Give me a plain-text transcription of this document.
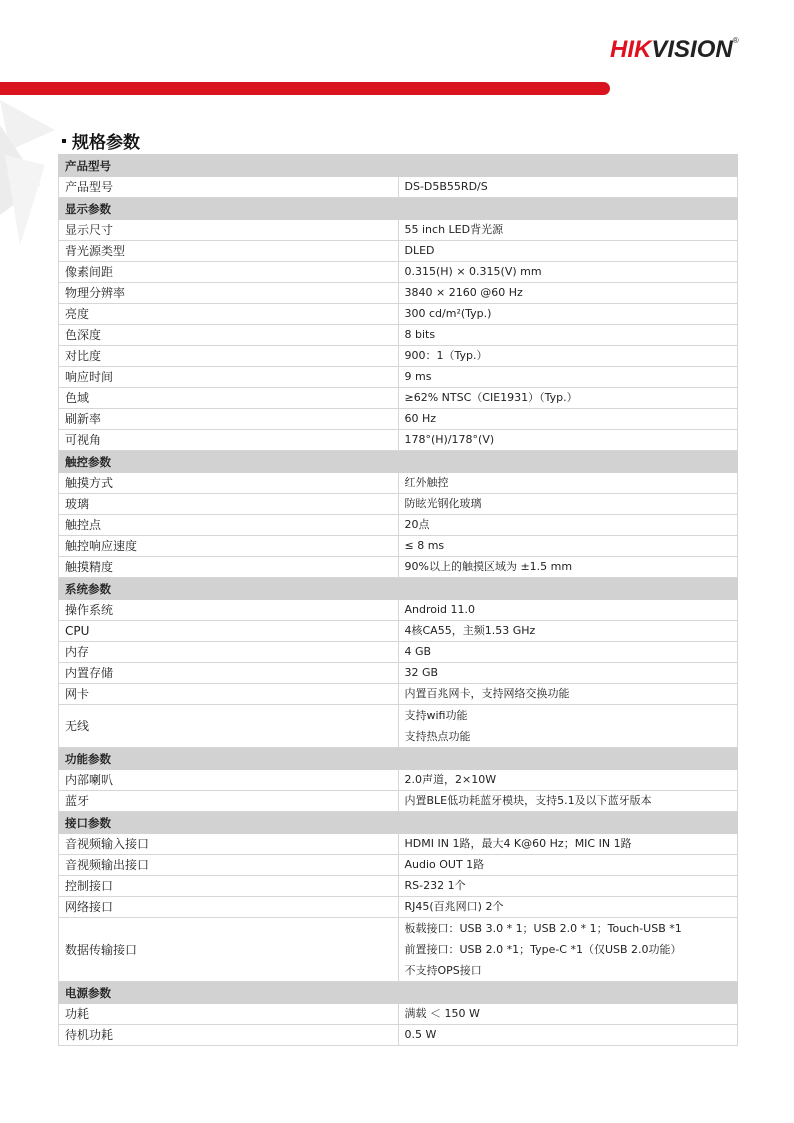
HIKVISION®
规格参数
产品型号	
产品型号	DS-D5B55RD/S
显示参数	
显示尺寸	55 inch LED背光源
背光源类型	DLED
像素间距	0.315(H) × 0.315(V) mm
物理分辨率	3840 × 2160 @60 Hz
亮度	300 cd/m²(Typ.)
色深度	8 bits
对比度	900：1（Typ.）
响应时间	9 ms
色域	≥62% NTSC（CIE1931）（Typ.）
刷新率	60 Hz
可视角	178°(H)/178°(V)
触控参数	
触摸方式	红外触控
玻璃	防眩光钢化玻璃
触控点	20点
触控响应速度	≤ 8 ms
触摸精度	90%以上的触摸区域为 ±1.5 mm
系统参数	
操作系统	Android 11.0
CPU	4核CA55，主频1.53 GHz
内存	4 GB
内置存储	32 GB
网卡	内置百兆网卡，支持网络交换功能
无线	支持wifi功能
支持热点功能

功能参数	
内部喇叭	2.0声道，2×10W
蓝牙	内置BLE低功耗蓝牙模块，支持5.1及以下蓝牙版本
接口参数	
音视频输入接口	HDMI IN 1路，最大4 K@60 Hz；MIC IN 1路
音视频输出接口	Audio OUT 1路
控制接口	RS-232 1个
网络接口	RJ45(百兆网口) 2个
数据传输接口	板载接口：USB 3.0 * 1；USB 2.0 * 1；Touch-USB *1
前置接口：USB 2.0 *1；Type-C *1（仅USB 2.0功能）
不支持OPS接口

电源参数	
功耗	满载 ＜ 150 W
待机功耗	0.5 W
